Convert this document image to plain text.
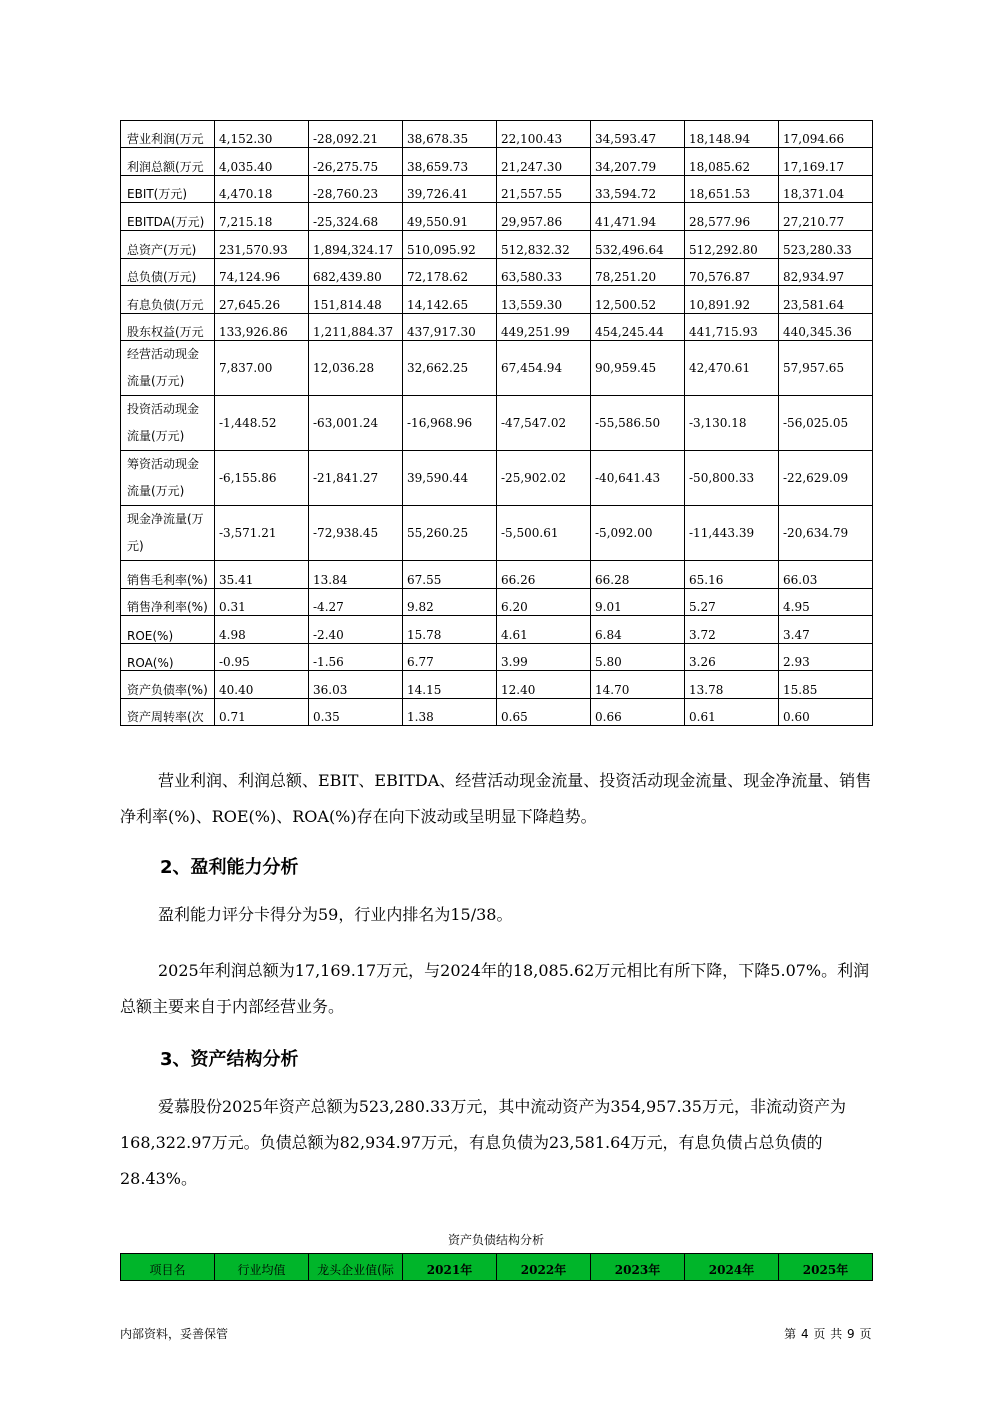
营业利润(万元	4,152.30	-28,092.21	38,678.35	22,100.43	34,593.47	18,148.94	17,094.66
利润总额(万元	4,035.40	-26,275.75	38,659.73	21,247.30	34,207.79	18,085.62	17,169.17
EBIT(万元)	4,470.18	-28,760.23	39,726.41	21,557.55	33,594.72	18,651.53	18,371.04
EBITDA(万元)	7,215.18	-25,324.68	49,550.91	29,957.86	41,471.94	28,577.96	27,210.77
总资产(万元)	231,570.93	1,894,324.17	510,095.92	512,832.32	532,496.64	512,292.80	523,280.33
总负债(万元)	74,124.96	682,439.80	72,178.62	63,580.33	78,251.20	70,576.87	82,934.97
有息负债(万元	27,645.26	151,814.48	14,142.65	13,559.30	12,500.52	10,891.92	23,581.64
股东权益(万元	133,926.86	1,211,884.37	437,917.30	449,251.99	454,245.44	441,715.93	440,345.36
经营活动现金流量(万元)	7,837.00	12,036.28	32,662.25	67,454.94	90,959.45	42,470.61	57,957.65
投资活动现金流量(万元)	-1,448.52	-63,001.24	-16,968.96	-47,547.02	-55,586.50	-3,130.18	-56,025.05
筹资活动现金流量(万元)	-6,155.86	-21,841.27	39,590.44	-25,902.02	-40,641.43	-50,800.33	-22,629.09
现金净流量(万元)	-3,571.21	-72,938.45	55,260.25	-5,500.61	-5,092.00	-11,443.39	-20,634.79
销售毛利率(%)	35.41	13.84	67.55	66.26	66.28	65.16	66.03
销售净利率(%)	0.31	-4.27	9.82	6.20	9.01	5.27	4.95
ROE(%)	4.98	-2.40	15.78	4.61	6.84	3.72	3.47
ROA(%)	-0.95	-1.56	6.77	3.99	5.80	3.26	2.93
资产负债率(%)	40.40	36.03	14.15	12.40	14.70	13.78	15.85
资产周转率(次	0.71	0.35	1.38	0.65	0.66	0.61	0.60

营业利润、利润总额、EBIT、EBITDA、经营活动现金流量、投资活动现金流量、现金净流量、销售净利率(%)、ROE(%)、ROA(%)存在向下波动或呈明显下降趋势。

2、盈利能力分析

盈利能力评分卡得分为59，行业内排名为15/38。

2025年利润总额为17,169.17万元，与2024年的18,085.62万元相比有所下降，下降5.07%。利润总额主要来自于内部经营业务。

3、资产结构分析

爱慕股份2025年资产总额为523,280.33万元，其中流动资产为354,957.35万元，非流动资产为168,322.97万元。负债总额为82,934.97万元，有息负债为23,581.64万元，有息负债占总负债的28.43%。

资产负债结构分析
项目名	行业均值	龙头企业值(际	2021年	2022年	2023年	2024年	2025年
内部资料，妥善保管	第 4 页 共 9 页
